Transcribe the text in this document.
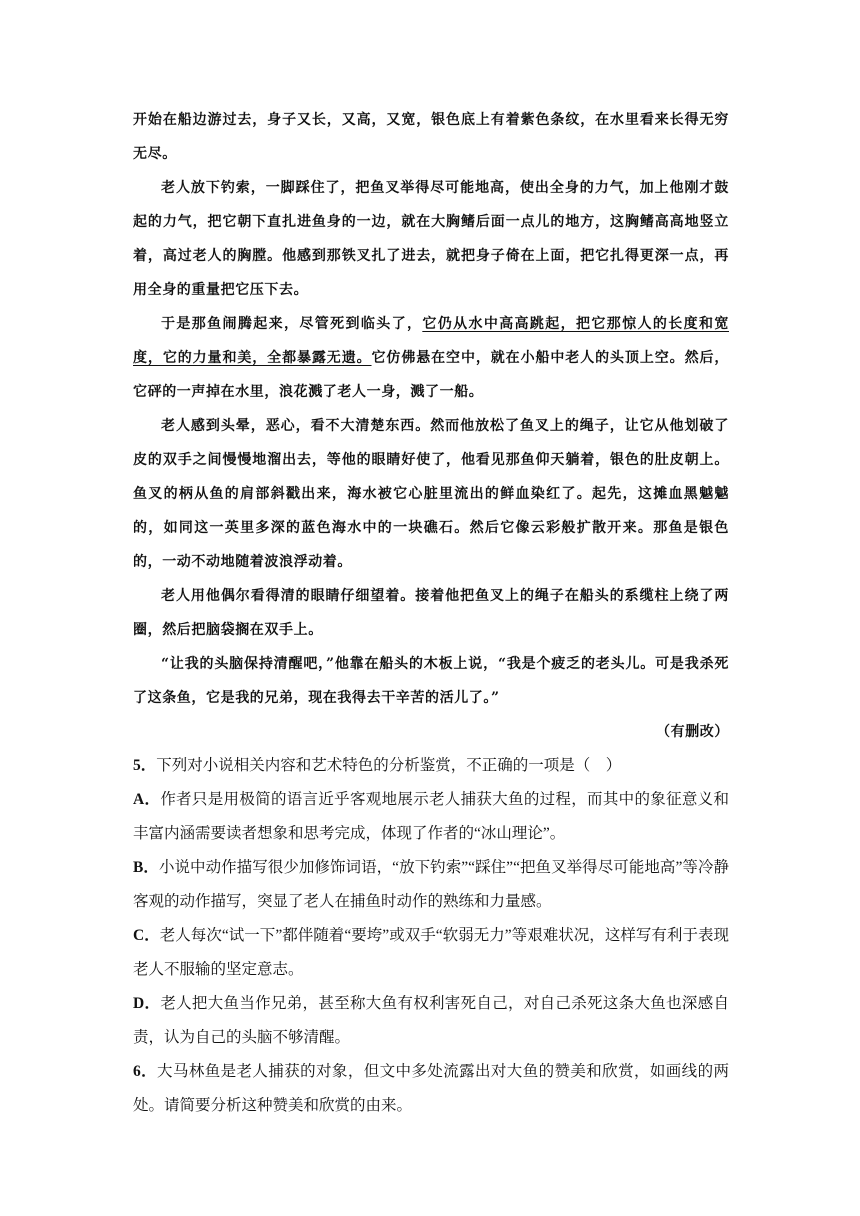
开始在船边游过去，身子又长，又高，又宽，银色底上有着紫色条纹，在水里看来长得无穷无尽。

老人放下钓索，一脚踩住了，把鱼叉举得尽可能地高，使出全身的力气，加上他刚才鼓起的力气，把它朝下直扎进鱼身的一边，就在大胸鳍后面一点儿的地方，这胸鳍高高地竖立着，高过老人的胸膛。他感到那铁叉扎了进去，就把身子倚在上面，把它扎得更深一点，再用全身的重量把它压下去。

于是那鱼闹腾起来，尽管死到临头了，它仍从水中高高跳起，把它那惊人的长度和宽度，它的力量和美，全都暴露无遗。它仿佛悬在空中，就在小船中老人的头顶上空。然后，它砰的一声掉在水里，浪花溅了老人一身，溅了一船。

老人感到头晕，恶心，看不大清楚东西。然而他放松了鱼叉上的绳子，让它从他划破了皮的双手之间慢慢地溜出去，等他的眼睛好使了，他看见那鱼仰天躺着，银色的肚皮朝上。鱼叉的柄从鱼的肩部斜戳出来，海水被它心脏里流出的鲜血染红了。起先，这摊血黑魆魆的，如同这一英里多深的蓝色海水中的一块礁石。然后它像云彩般扩散开来。那鱼是银色的，一动不动地随着波浪浮动着。

老人用他偶尔看得清的眼睛仔细望着。接着他把鱼叉上的绳子在船头的系缆柱上绕了两圈，然后把脑袋搁在双手上。

“让我的头脑保持清醒吧，”他靠在船头的木板上说，“我是个疲乏的老头儿。可是我杀死了这条鱼，它是我的兄弟，现在我得去干辛苦的活儿了。”

（有删改）

5．下列对小说相关内容和艺术特色的分析鉴赏，不正确的一项是（　）

A．作者只是用极简的语言近乎客观地展示老人捕获大鱼的过程，而其中的象征意义和丰富内涵需要读者想象和思考完成，体现了作者的“冰山理论”。

B．小说中动作描写很少加修饰词语，“放下钓索”“踩住”“把鱼叉举得尽可能地高”等冷静客观的动作描写，突显了老人在捕鱼时动作的熟练和力量感。

C．老人每次“试一下”都伴随着“要垮”或双手“软弱无力”等艰难状况，这样写有利于表现老人不服输的坚定意志。

D．老人把大鱼当作兄弟，甚至称大鱼有权利害死自己，对自己杀死这条大鱼也深感自责，认为自己的头脑不够清醒。

6．大马林鱼是老人捕获的对象，但文中多处流露出对大鱼的赞美和欣赏，如画线的两处。请简要分析这种赞美和欣赏的由来。
